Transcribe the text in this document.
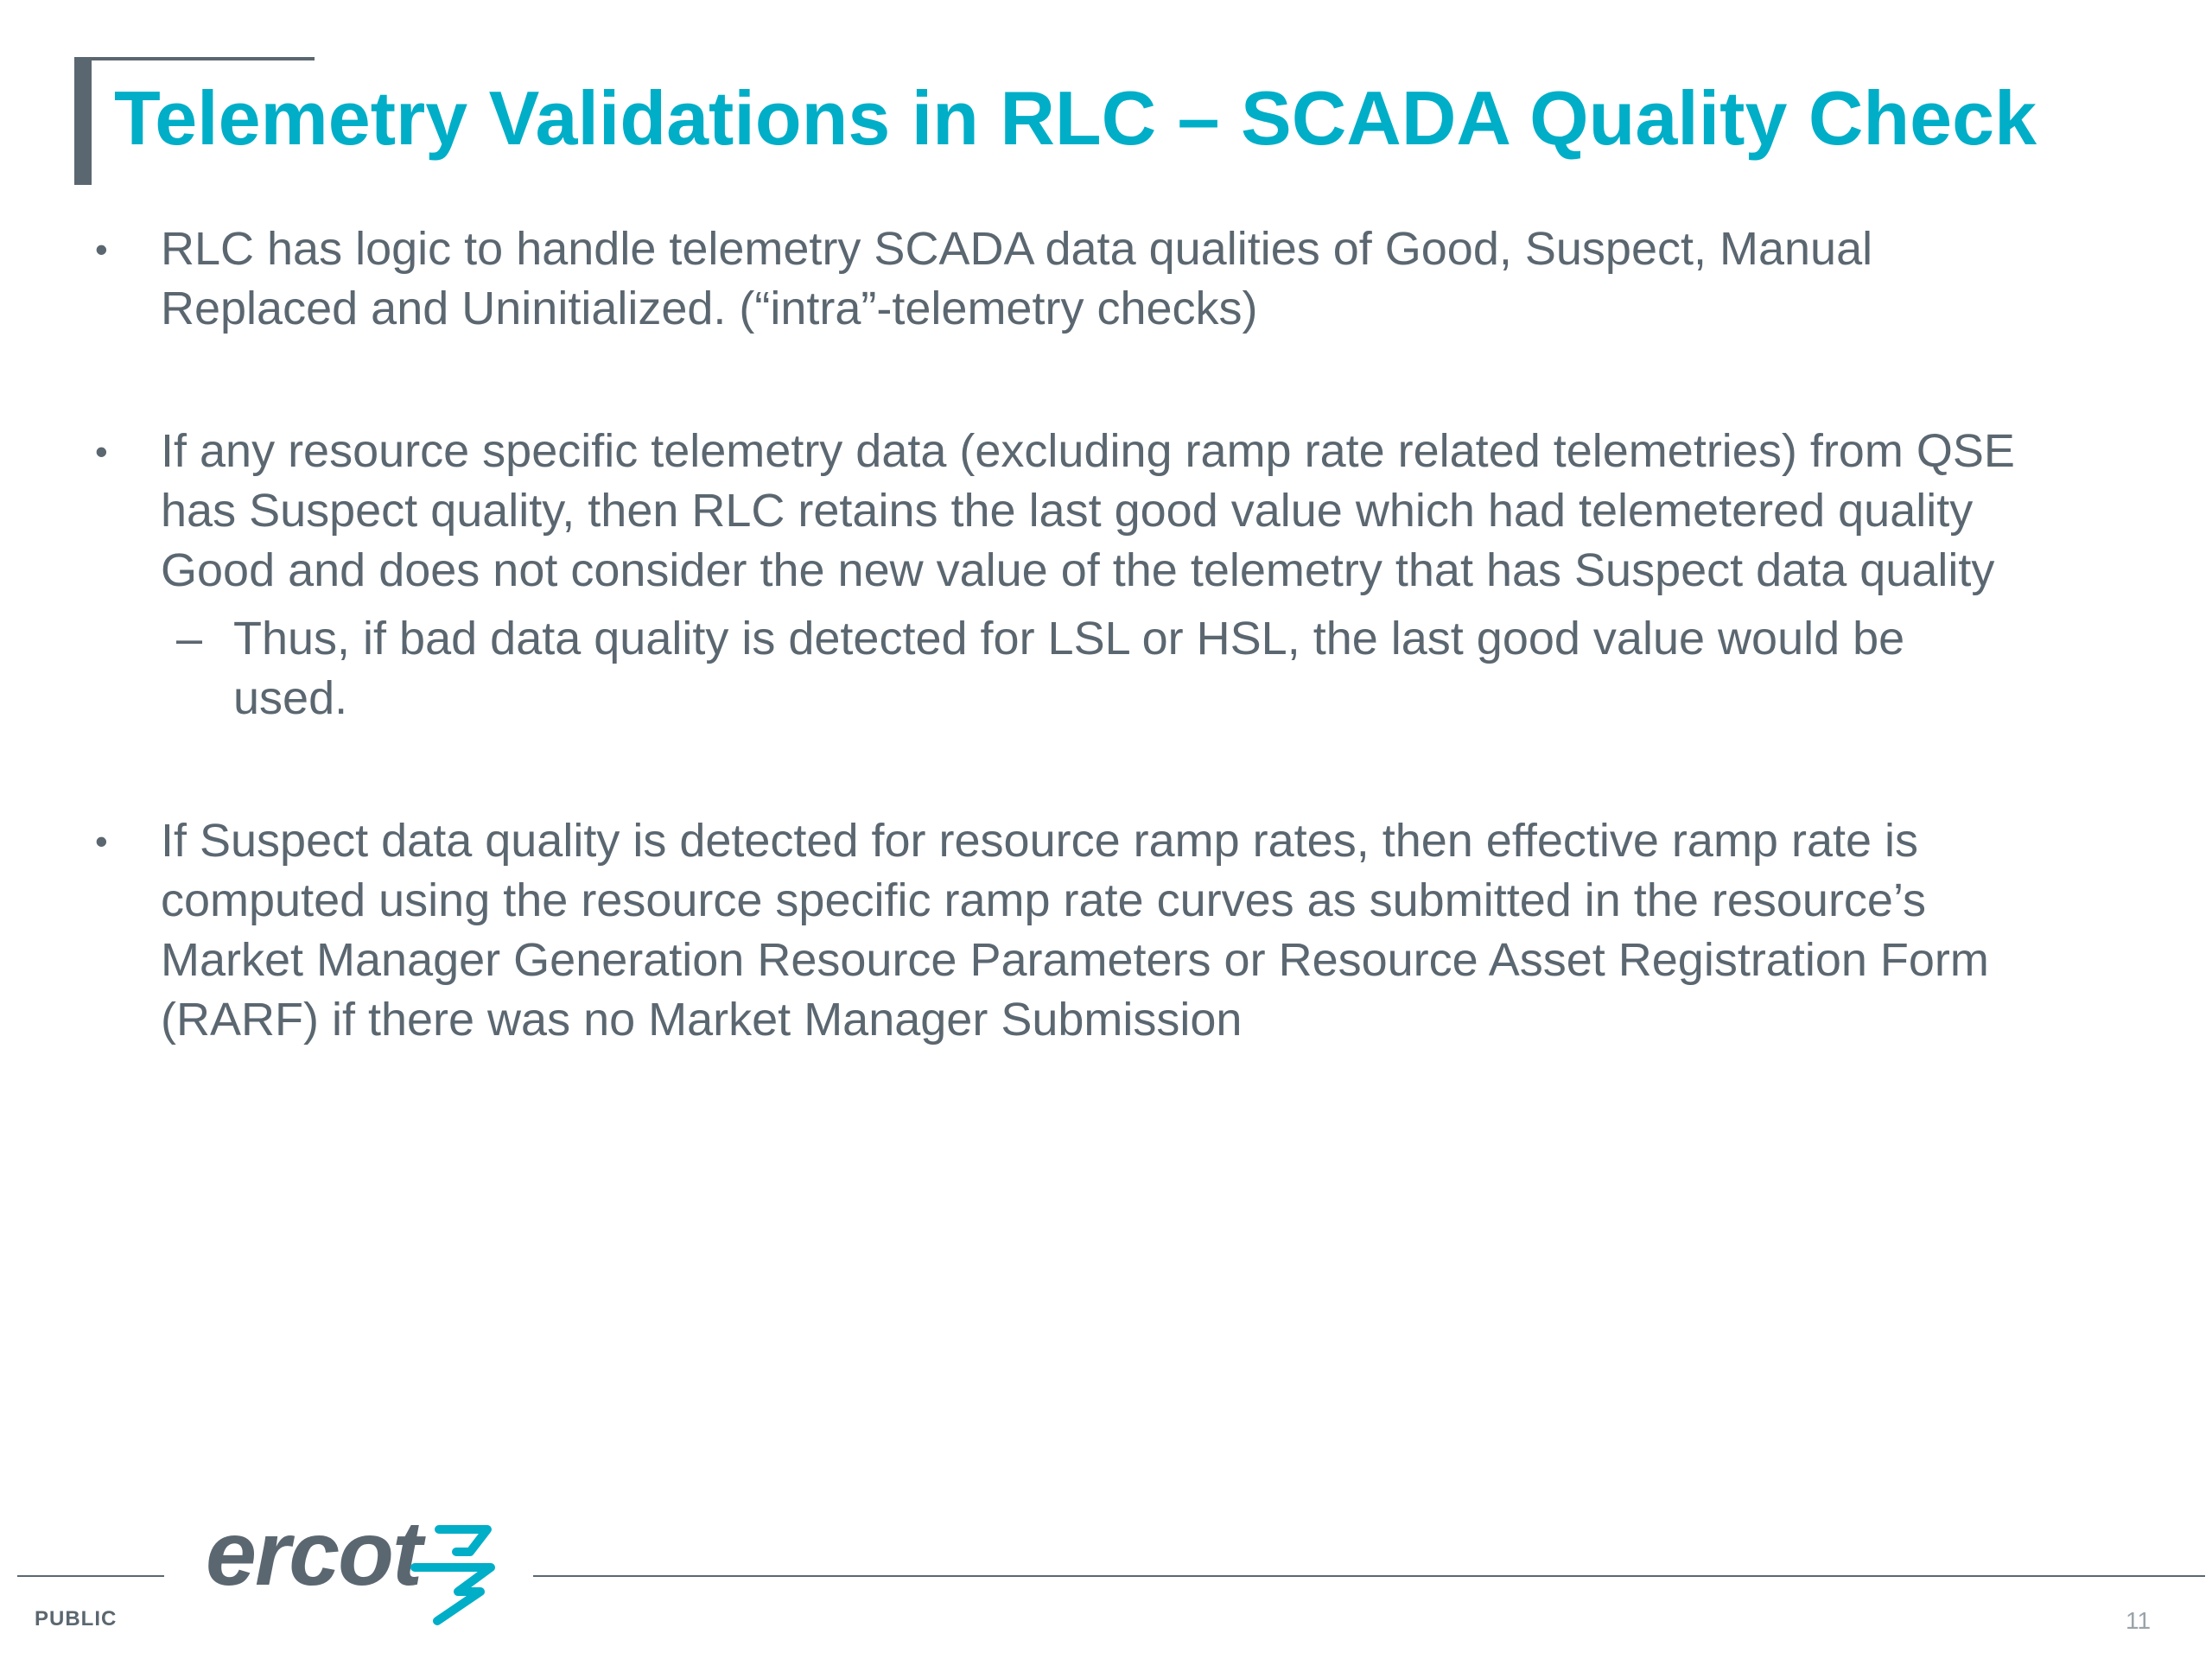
Telemetry Validations in RLC – SCADA Quality Check

• RLC has logic to handle telemetry SCADA data qualities of Good, Suspect, Manual
Replaced and Uninitialized. (“intra”-telemetry checks)

• If any resource specific telemetry data (excluding ramp rate related telemetries) from QSE
has Suspect quality, then RLC retains the last good value which had telemetered quality
Good and does not consider the new value of the telemetry that has Suspect data quality

– Thus, if bad data quality is detected for LSL or HSL, the last good value would be
used.

• If Suspect data quality is detected for resource ramp rates, then effective ramp rate is
computed using the resource specific ramp rate curves as submitted in the resource’s
Market Manager Generation Resource Parameters or Resource Asset Registration Form
(RARF) if there was no Market Manager Submission

ercot
PUBLIC	11
